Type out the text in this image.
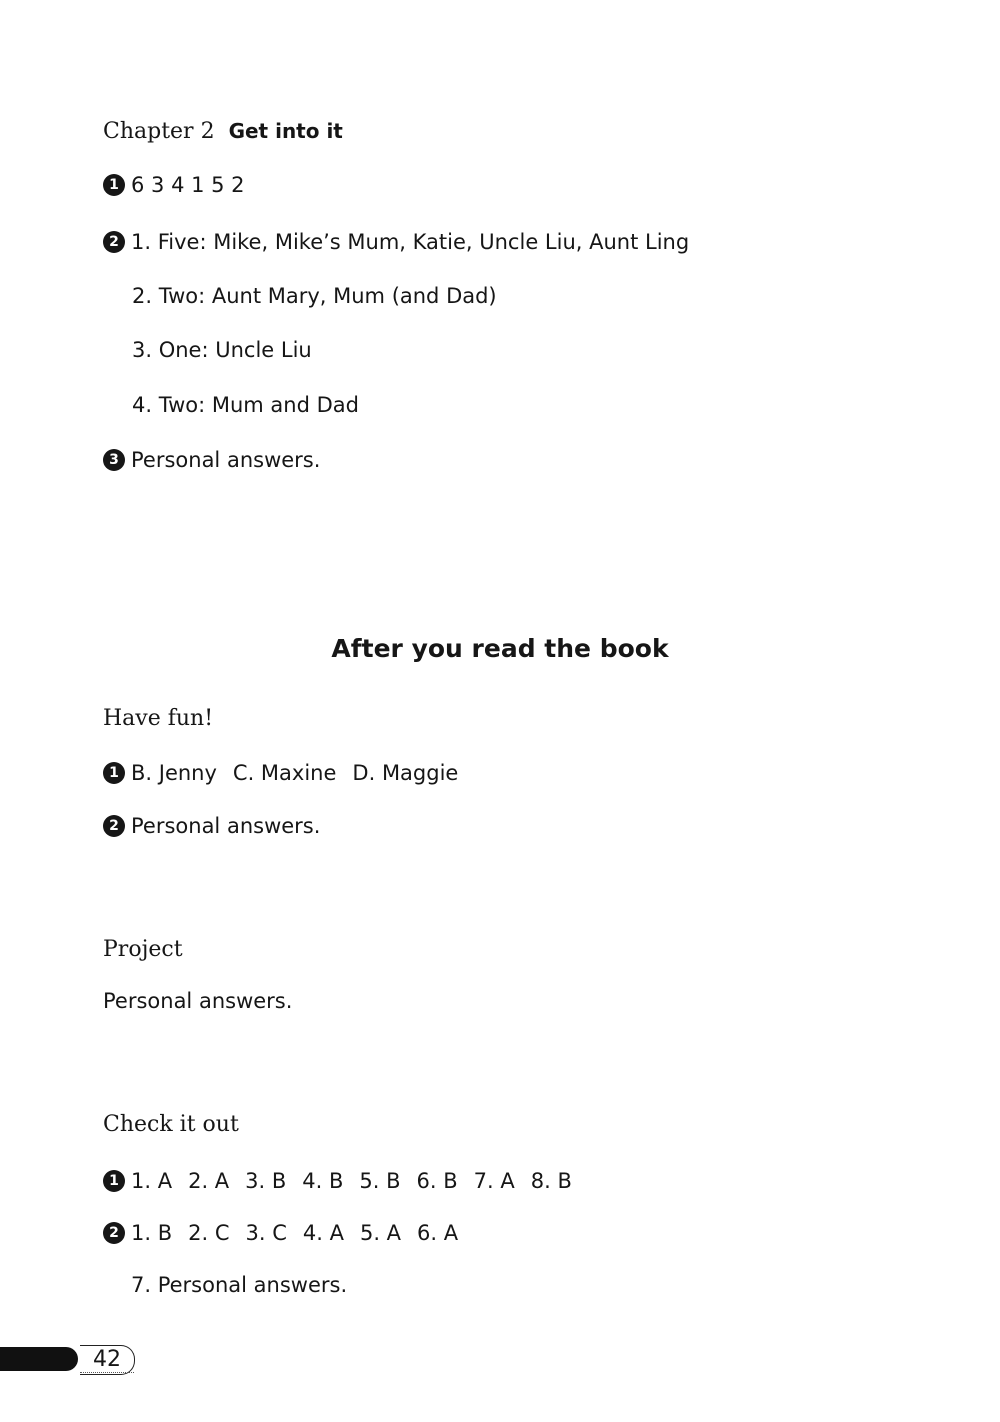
Chapter 2 Get into it
1 6 3 4 1 5 2
2 1. Five: Mike, Mike’s Mum, Katie, Uncle Liu, Aunt Ling
2. Two: Aunt Mary, Mum (and Dad)
3. One: Uncle Liu
4. Two: Mum and Dad
3 Personal answers.
After you read the book
Have fun!
1 B. Jenny C. Maxine D. Maggie
2 Personal answers.
Project
Personal answers.
Check it out
1 1. A 2. A 3. B 4. B 5. B 6. B 7. A 8. B
2 1. B 2. C 3. C 4. A 5. A 6. A
7. Personal answers.
42
